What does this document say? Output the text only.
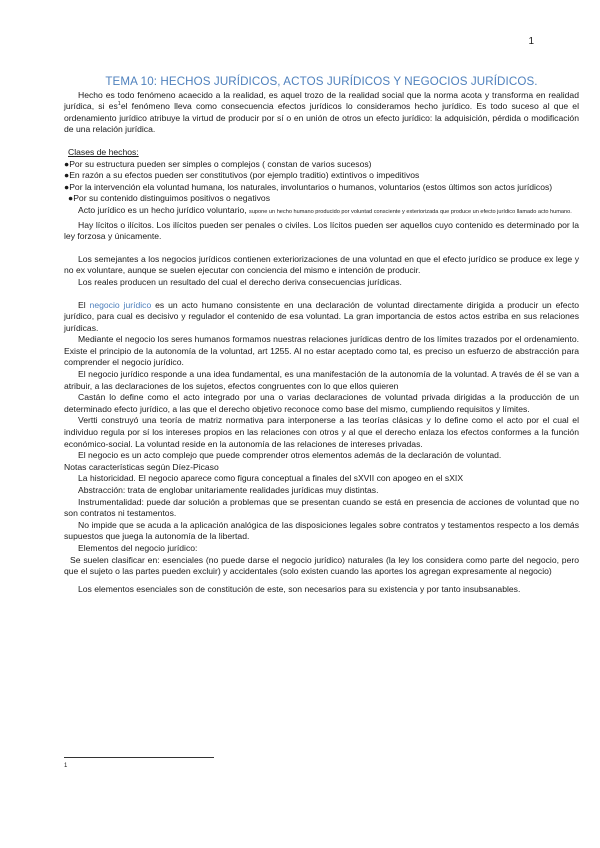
1
TEMA 10: HECHOS JURÍDICOS, ACTOS JURÍDICOS Y NEGOCIOS JURÍDICOS.

Hecho es todo fenómeno acaecido a la realidad, es aquel trozo de la realidad social que la norma acota y transforma en realidad jurídica, si $es^1el$ fenómeno lleva como consecuencia efectos jurídicos lo consideramos hecho jurídico. Es todo suceso al que el ordenamiento jurídico atribuye la virtud de producir por sí o en unión de otros un efecto jurídico: la adquisición, pérdida o modificación de una relación jurídica.

Clases de hechos:

●Por su estructura pueden ser simples o complejos ( constan de varios sucesos)

●En razón a su efectos pueden ser constitutivos (por ejemplo traditio) extintivos o impeditivos

●Por la intervención ela voluntad humana, los naturales, involuntarios o humanos, voluntarios (estos últimos son actos jurídicos)

●Por su contenido distinguimos positivos o negativos

Acto jurídico es un hecho jurídico voluntario, supone un hecho humano producido por voluntad consciente y exteriorizada que produce un efecto jurídico llamado acto humano.

Hay lícitos o ilícitos. Los ilícitos pueden ser penales o civiles. Los lícitos pueden ser aquellos cuyo contenido es determinado por la ley forzosa y únicamente.

Los semejantes a los negocios jurídicos contienen exteriorizaciones de una voluntad en que el efecto jurídico se produce ex lege y no ex voluntare, aunque se suelen ejecutar con conciencia del mismo e intención de producir.

Los reales producen un resultado del cual el derecho deriva consecuencias jurídicas.

El negocio jurídico es un acto humano consistente en una declaración de voluntad directamente dirigida a producir un efecto jurídico, para cual es decisivo y regulador el contenido de esa voluntad. La gran importancia de estos actos estriba en sus relaciones jurídicas.

Mediante el negocio los seres humanos formamos nuestras relaciones jurídicas dentro de los límites trazados por el ordenamiento. Existe el principio de la autonomía de la voluntad, art 1255. Al no estar aceptado como tal, es preciso un esfuerzo de abstracción para comprender el negocio jurídico.

El negocio jurídico responde a una idea fundamental, es una manifestación de la autonomía de la voluntad. A través de él se van a atribuir, a las declaraciones de los sujetos, efectos congruentes con lo que ellos quieren

Castán lo define como el acto integrado por una o varias declaraciones de voluntad privada dirigidas a la producción de un determinado efecto jurídico, a las que el derecho objetivo reconoce como base del mismo, cumpliendo requisitos y límites.

Vertti construyó una teoría de matriz normativa para interponerse a las teorías clásicas y lo define como el acto por el cual el individuo regula por sí los intereses propios en las relaciones con otros y al que el derecho enlaza los efectos conformes a la función económico-social. La voluntad reside en la autonomía de las relaciones de intereses privadas.

El negocio es un acto complejo que puede comprender otros elementos además de la declaración de voluntad.

Notas características según Díez-Picaso

La historicidad. El negocio aparece como figura conceptual a finales del sXVII con apogeo en el sXIX

Abstracción: trata de englobar unitariamente realidades jurídicas muy distintas.

Instrumentalidad: puede dar solución a problemas que se presentan cuando se está en presencia de acciones de voluntad que no son contratos ni testamentos.

No impide que se acuda a la aplicación analógica de las disposiciones legales sobre contratos y testamentos respecto a los demás supuestos que juega la autonomía de la libertad.

Elementos del negocio jurídico:

Se suelen clasificar en: esenciales (no puede darse el negocio jurídico) naturales (la ley los considera como parte del negocio, pero que el sujeto o las partes pueden excluir) y accidentales (solo existen cuando las aportes los agregan expresamente al negocio)

Los elementos esenciales son de constitución de este, son necesarios para su existencia y por tanto insubsanables.

1
